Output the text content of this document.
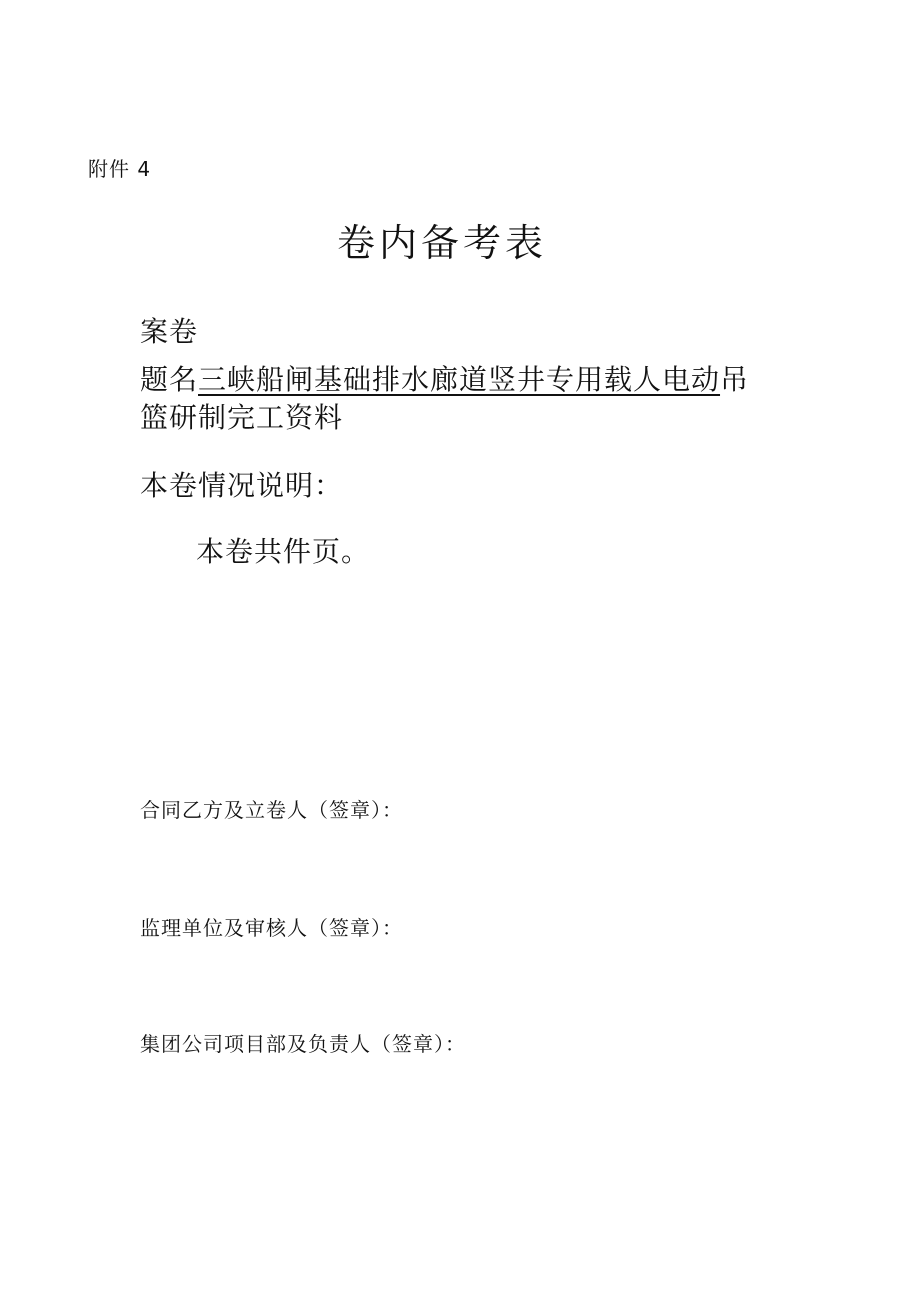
附件 4
卷内备考表
案卷
题名三峡船闸基础排水廊道竖井专用载人电动吊
篮研制完工资料
本卷情况说明：
本卷共件页。
合同乙方及立卷人（签章）：
监理单位及审核人（签章）：
集团公司项目部及负责人（签章）：
